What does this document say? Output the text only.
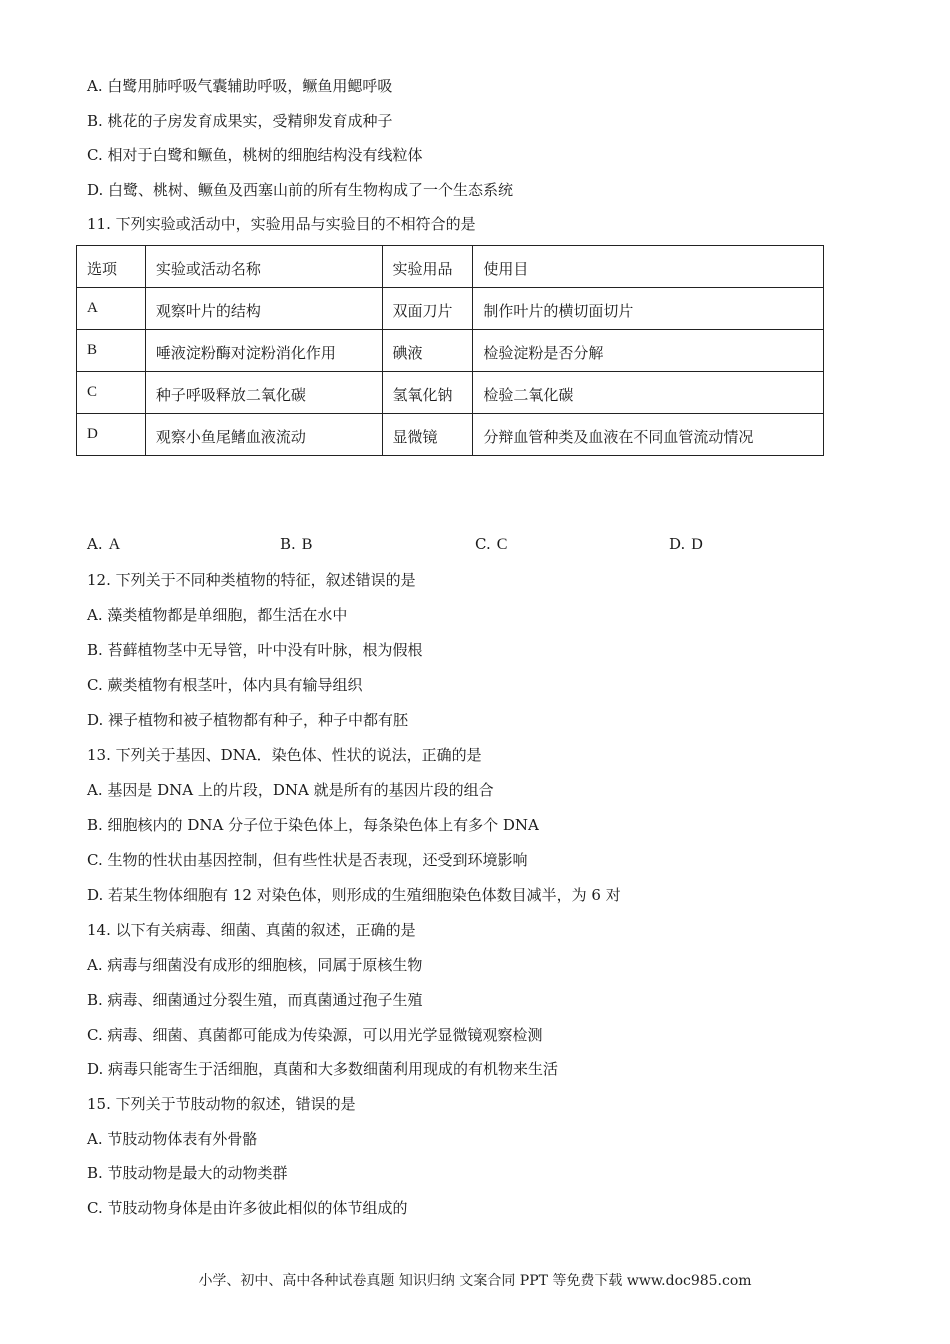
A. 白鹭用肺呼吸气囊辅助呼吸，鳜鱼用鳃呼吸
B. 桃花的子房发育成果实，受精卵发育成种子
C. 相对于白鹭和鳜鱼，桃树的细胞结构没有线粒体
D. 白鹭、桃树、鳜鱼及西塞山前的所有生物构成了一个生态系统
11. 下列实验或活动中，实验用品与实验目的不相符合的是
选项	实验或活动名称	实验用品	使用目
A	观察叶片的结构	双面刀片	制作叶片的横切面切片
B	唾液淀粉酶对淀粉消化作用	碘液	检验淀粉是否分解
C	种子呼吸释放二氧化碳	氢氧化钠	检验二氧化碳
D	观察小鱼尾鳍血液流动	显微镜	分辩血管种类及血液在不同血管流动情况
A. A	B. B	C. C	D. D
12. 下列关于不同种类植物的特征，叙述错误的是
A. 藻类植物都是单细胞，都生活在水中
B. 苔藓植物茎中无导管，叶中没有叶脉，根为假根
C. 蕨类植物有根茎叶，体内具有输导组织
D. 裸子植物和被子植物都有种子，种子中都有胚
13. 下列关于基因、DNA．染色体、性状的说法，正确的是
A. 基因是 DNA 上的片段，DNA 就是所有的基因片段的组合
B. 细胞核内的 DNA 分子位于染色体上，每条染色体上有多个 DNA
C. 生物的性状由基因控制，但有些性状是否表现，还受到环境影响
D. 若某生物体细胞有 12 对染色体，则形成的生殖细胞染色体数目减半，为 6 对
14. 以下有关病毒、细菌、真菌的叙述，正确的是
A. 病毒与细菌没有成形的细胞核，同属于原核生物
B. 病毒、细菌通过分裂生殖，而真菌通过孢子生殖
C. 病毒、细菌、真菌都可能成为传染源，可以用光学显微镜观察检测
D. 病毒只能寄生于活细胞，真菌和大多数细菌利用现成的有机物来生活
15. 下列关于节肢动物的叙述，错误的是
A. 节肢动物体表有外骨骼
B. 节肢动物是最大的动物类群
C. 节肢动物身体是由许多彼此相似的体节组成的
小学、初中、高中各种试卷真题 知识归纳 文案合同 PPT 等免费下载 www.doc985.com
